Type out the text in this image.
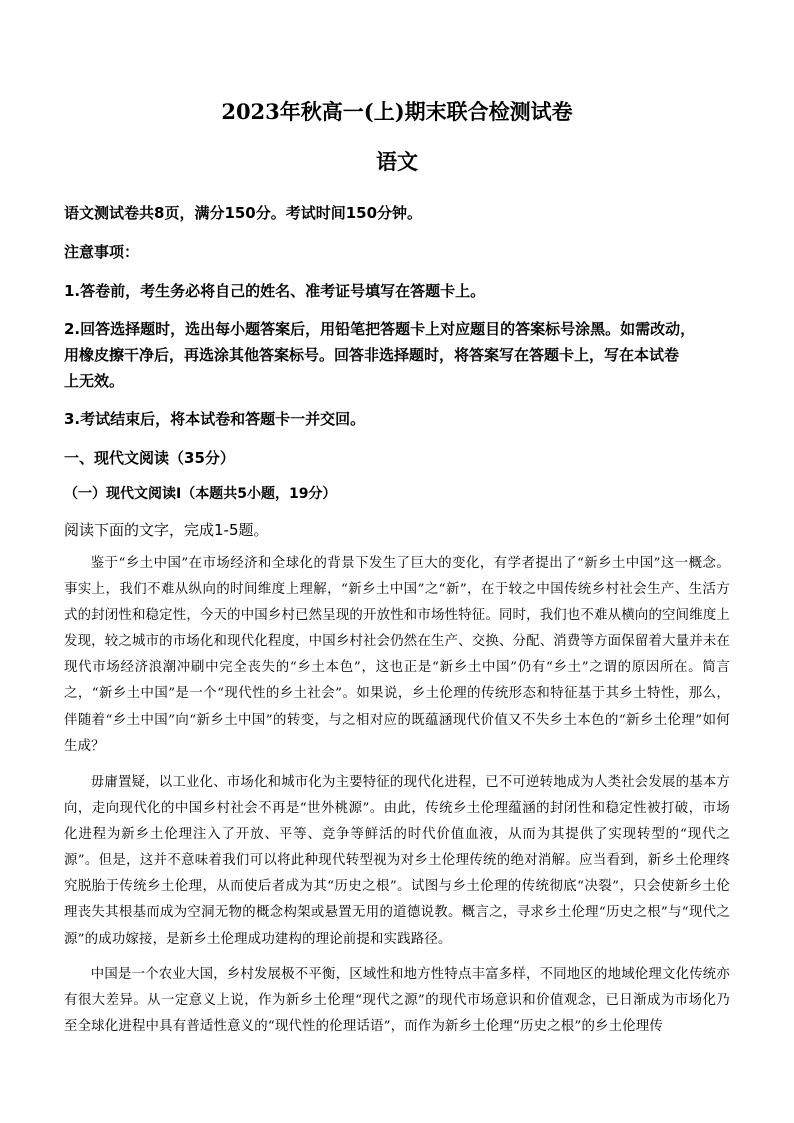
2023年秋高一(上)期末联合检测试卷
语文
语文测试卷共8页，满分150分。考试时间150分钟。
注意事项：
1.答卷前，考生务必将自己的姓名、准考证号填写在答题卡上。
2.回答选择题时，选出每小题答案后，用铅笔把答题卡上对应题目的答案标号涂黑。如需改动，
用橡皮擦干净后，再选涂其他答案标号。回答非选择题时，将答案写在答题卡上，写在本试卷
上无效。
3.考试结束后，将本试卷和答题卡一并交回。
一、现代文阅读（35分）
（一）现代文阅读Ⅰ（本题共5小题，19分）
阅读下面的文字，完成1-5题。
鉴于“乡土中国”在市场经济和全球化的背景下发生了巨大的变化，有学者提出了“新乡土中国”这一概念。事实上，我们不难从纵向的时间维度上理解，“新乡土中国”之“新”，在于较之中国传统乡村社会生产、生活方式的封闭性和稳定性，今天的中国乡村已然呈现的开放性和市场性特征。同时，我们也不难从横向的空间维度上发现，较之城市的市场化和现代化程度，中国乡村社会仍然在生产、交换、分配、消费等方面保留着大量并未在现代市场经济浪潮冲刷中完全丧失的“乡土本色”，这也正是“新乡土中国”仍有“乡土”之谓的原因所在。简言之，“新乡土中国”是一个“现代性的乡土社会”。如果说，乡土伦理的传统形态和特征基于其乡土特性，那么，伴随着“乡土中国”向“新乡土中国”的转变，与之相对应的既蕴涵现代价值又不失乡土本色的“新乡土伦理”如何生成？
毋庸置疑，以工业化、市场化和城市化为主要特征的现代化进程，已不可逆转地成为人类社会发展的基本方向，走向现代化的中国乡村社会不再是“世外桃源”。由此，传统乡土伦理蕴涵的封闭性和稳定性被打破，市场化进程为新乡土伦理注入了开放、平等、竞争等鲜活的时代价值血液，从而为其提供了实现转型的“现代之源”。但是，这并不意味着我们可以将此种现代转型视为对乡土伦理传统的绝对消解。应当看到，新乡土伦理终究脱胎于传统乡土伦理，从而使后者成为其“历史之根”。试图与乡土伦理的传统彻底“决裂”，只会使新乡土伦理丧失其根基而成为空洞无物的概念构架或悬置无用的道德说教。概言之，寻求乡土伦理“历史之根”与“现代之源”的成功嫁接，是新乡土伦理成功建构的理论前提和实践路径。
中国是一个农业大国，乡村发展极不平衡，区域性和地方性特点丰富多样，不同地区的地域伦理文化传统亦有很大差异。从一定意义上说，作为新乡土伦理“现代之源”的现代市场意识和价值观念，已日渐成为市场化乃至全球化进程中具有普适性意义的“现代性的伦理话语”，而作为新乡土伦理“历史之根”的乡土伦理传
